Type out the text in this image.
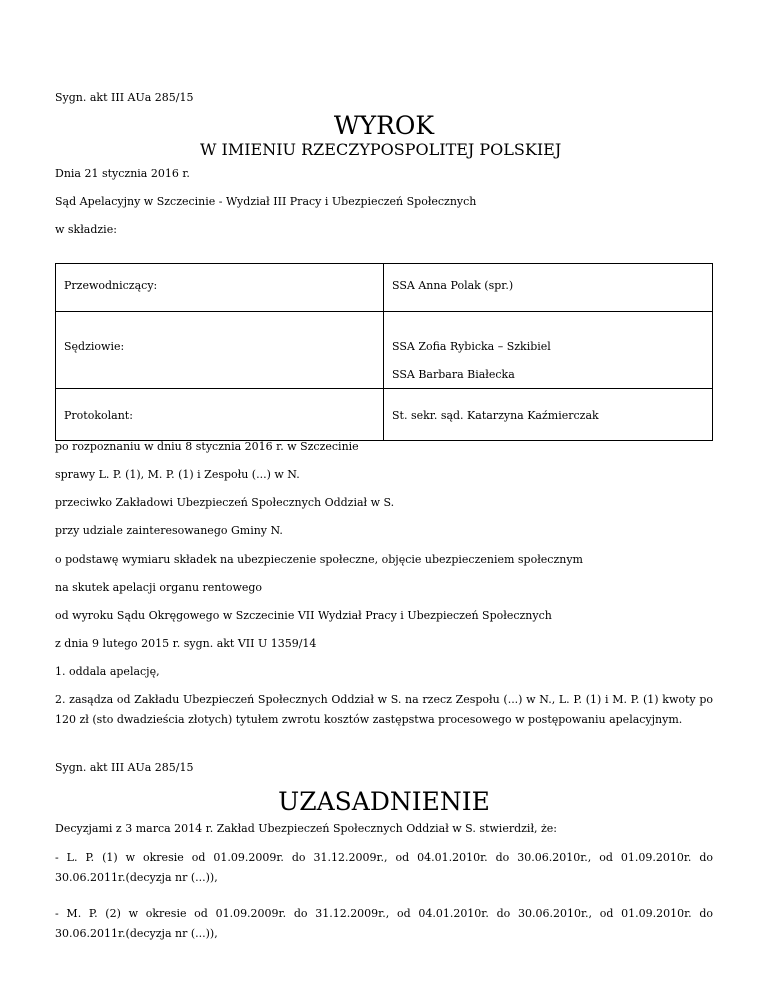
Sygn. akt III AUa 285/15
WYROK
W IMIENIU RZECZYPOSPOLITEJ POLSKIEJ
Dnia 21 stycznia 2016 r.
Sąd Apelacyjny w Szczecinie - Wydział III Pracy i Ubezpieczeń Społecznych
w składzie:
Przewodniczący:	SSA Anna Polak (spr.)

Sędziowie:	SSA Zofia Rybicka – Szkibiel
SSA Barbara Białecka

Protokolant:	St. sekr. sąd. Katarzyna Kaźmierczak
po rozpoznaniu w dniu 8 stycznia 2016 r. w Szczecinie
sprawy L. P. (1), M. P. (1) i Zespołu (...) w N.
przeciwko Zakładowi Ubezpieczeń Społecznych Oddział w S.
przy udziale zainteresowanego Gminy N.
o podstawę wymiaru składek na ubezpieczenie społeczne, objęcie ubezpieczeniem społecznym
na skutek apelacji organu rentowego
od wyroku Sądu Okręgowego w Szczecinie VII Wydział Pracy i Ubezpieczeń Społecznych
z dnia 9 lutego 2015 r. sygn. akt VII U 1359/14
1. oddala apelację,
2. zasądza od Zakładu Ubezpieczeń Społecznych Oddział w S. na rzecz Zespołu (...) w N., L. P. (1) i M. P. (1) kwoty po 120 zł (sto dwadzieścia złotych) tytułem zwrotu kosztów zastępstwa procesowego w postępowaniu apelacyjnym.
Sygn. akt III AUa 285/15
UZASADNIENIE
Decyzjami z 3 marca 2014 r. Zakład Ubezpieczeń Społecznych Oddział w S. stwierdził, że:
- L. P. (1) w okresie od 01.09.2009r. do 31.12.2009r., od 04.01.2010r. do 30.06.2010r., od 01.09.2010r. do 30.06.2011r.(decyzja nr (...)),
- M. P. (2) w okresie od 01.09.2009r. do 31.12.2009r., od 04.01.2010r. do 30.06.2010r., od 01.09.2010r. do 30.06.2011r.(decyzja nr (...)),
